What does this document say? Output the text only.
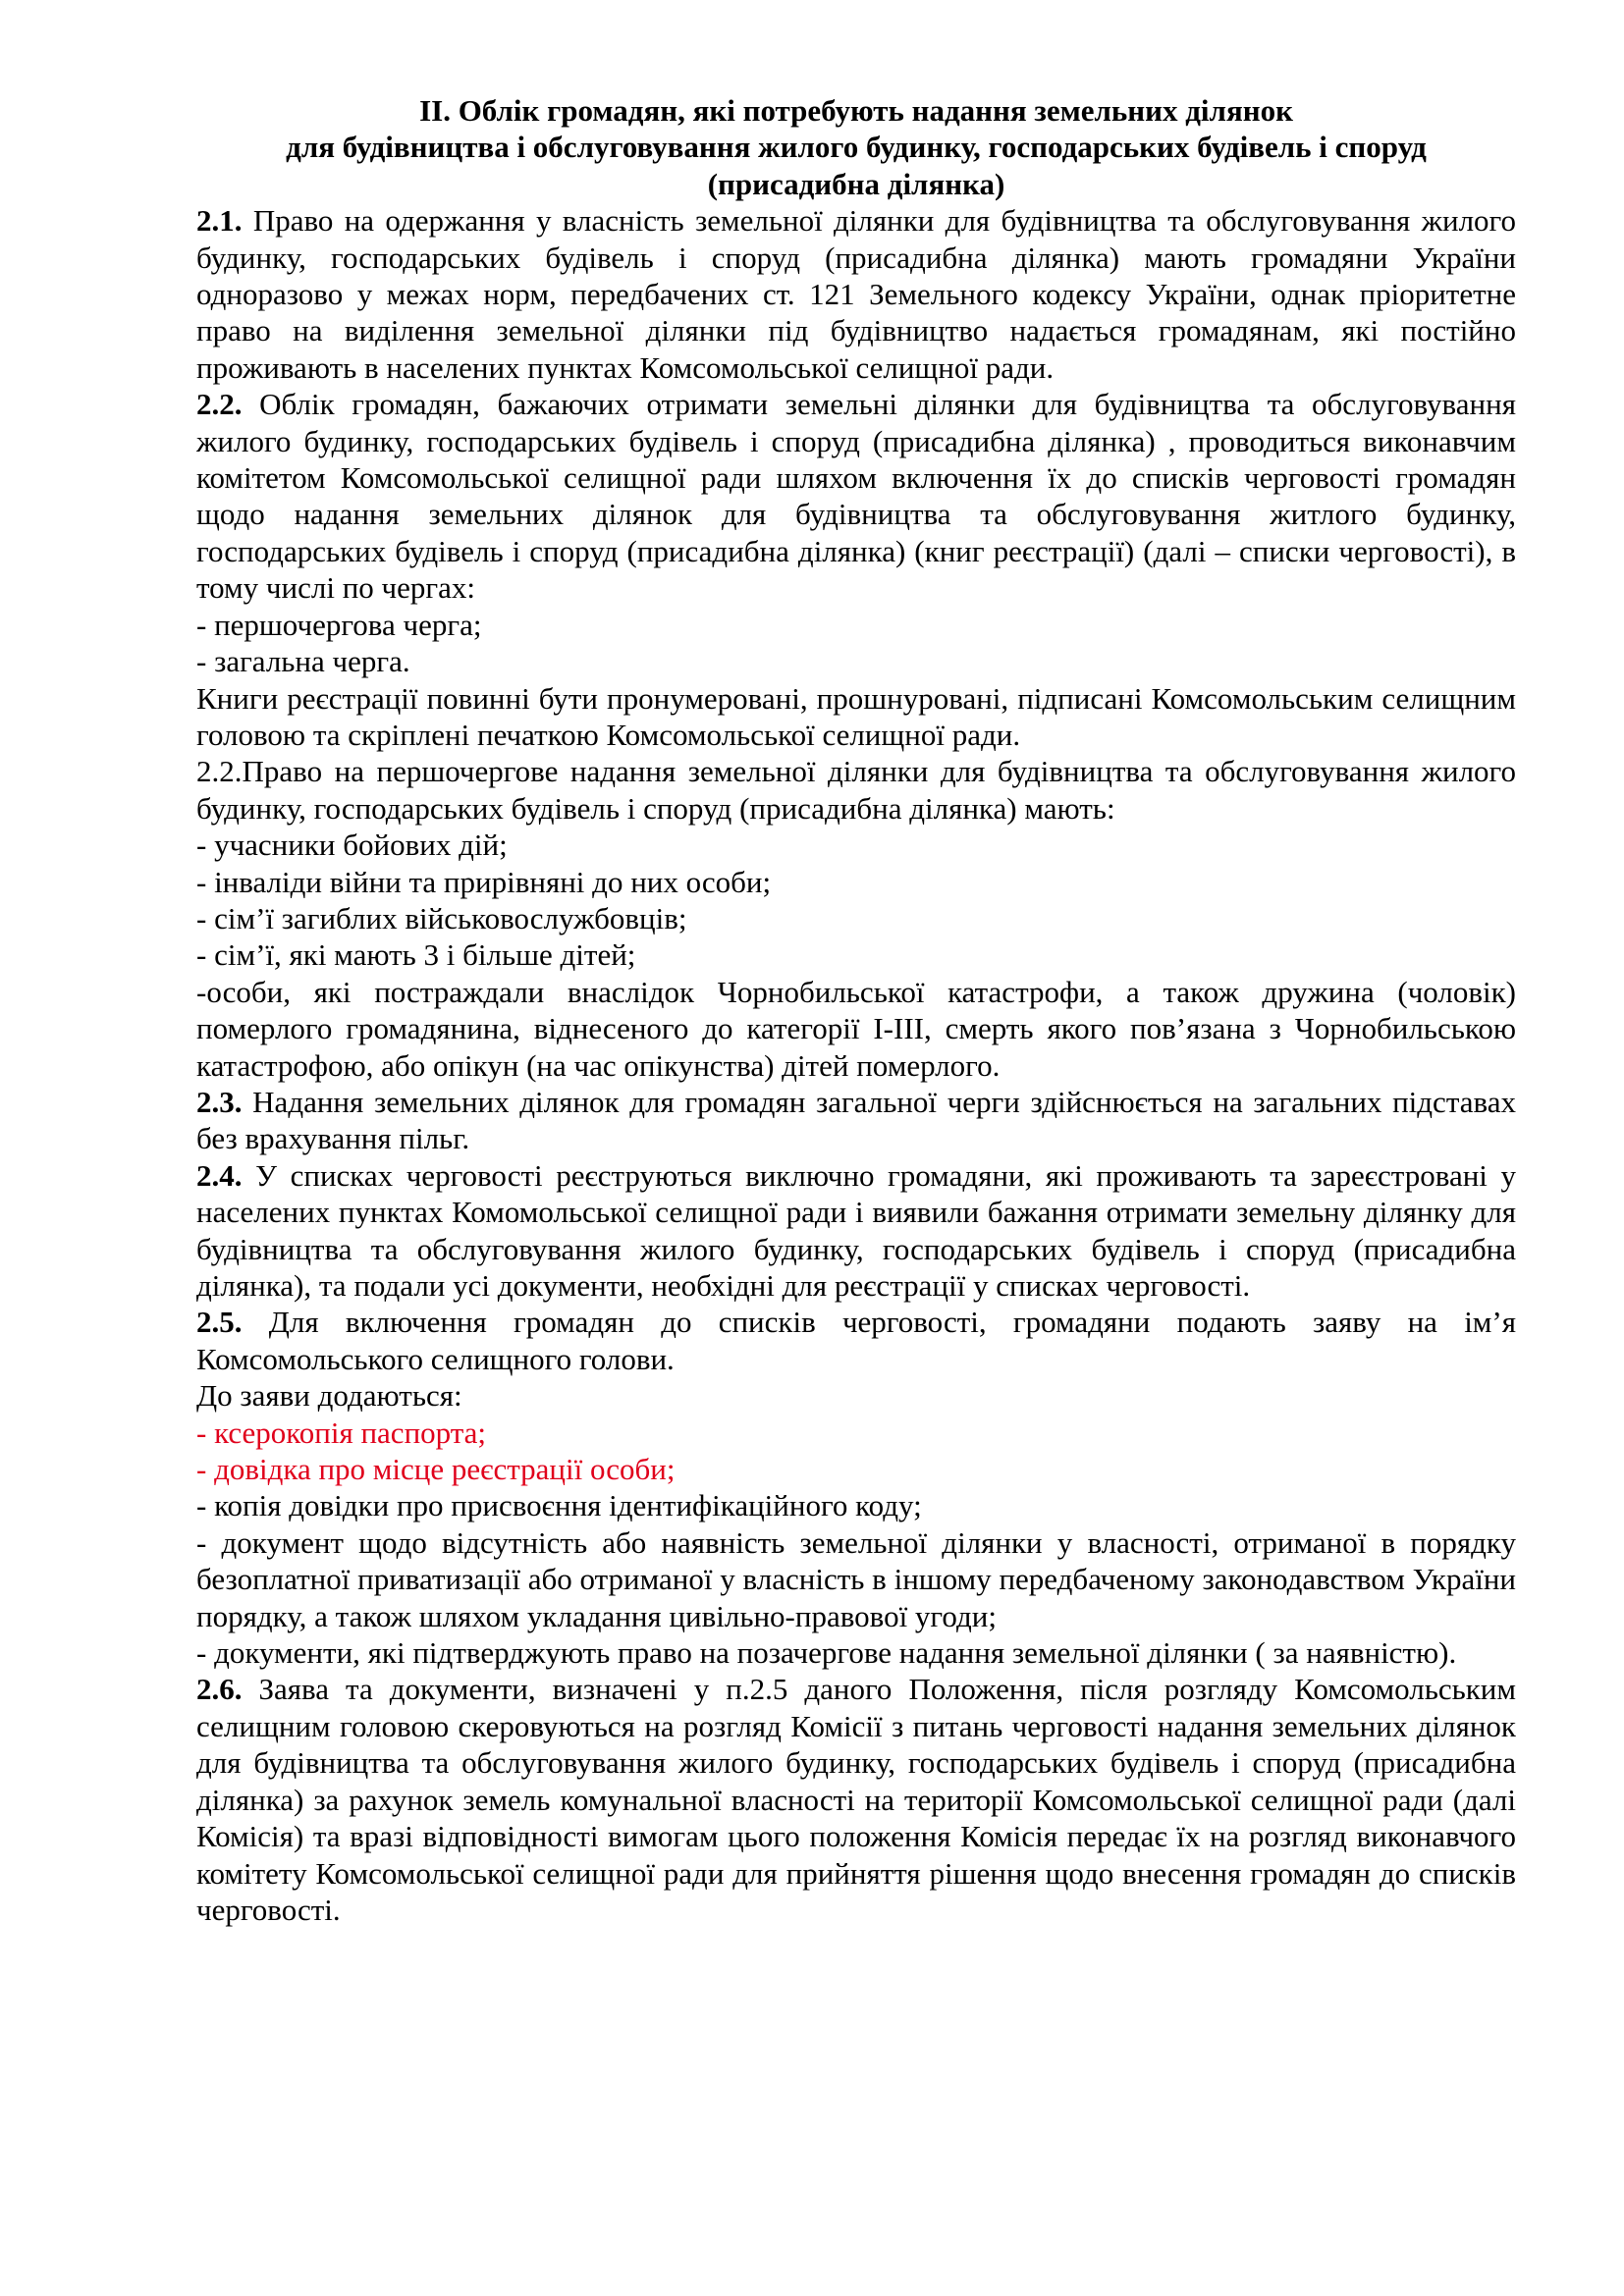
ІІ. Облік громадян, які потребують надання земельних ділянок
для будівництва і обслуговування жилого будинку, господарських будівель і споруд
(присадибна ділянка)

2.1. Право на одержання у власність земельної ділянки для будівництва та обслуговування жилого будинку, господарських будівель і споруд (присадибна ділянка) мають громадяни України одноразово у межах норм, передбачених ст. 121 Земельного кодексу України, однак пріоритетне право на виділення земельної ділянки під будівництво надається громадянам, які постійно проживають в населених пунктах Комсомольської селищної ради.

2.2. Облік громадян, бажаючих отримати земельні ділянки для будівництва та обслуговування жилого будинку, господарських будівель і споруд (присадибна ділянка) , проводиться виконавчим комітетом Комсомольської селищної ради шляхом включення їх до списків черговості громадян щодо надання земельних ділянок для будівництва та обслуговування житлого будинку, господарських будівель і споруд (присадибна ділянка) (книг реєстрації) (далі – списки черговості), в тому числі по чергах:

- першочергова черга;

- загальна черга.

Книги реєстрації повинні бути пронумеровані, прошнуровані, підписані Комсомольським селищним головою та скріплені печаткою Комсомольської селищної ради.

2.2.Право на першочергове надання земельної ділянки для будівництва та обслуговування жилого будинку, господарських будівель і споруд (присадибна ділянка) мають:

- учасники бойових дій;

- інваліди війни та прирівняні до них особи;

- сім’ї загиблих військовослужбовців;

- сім’ї, які мають 3 і більше дітей;

-особи, які постраждали внаслідок Чорнобильської катастрофи, а також дружина (чоловік) померлого громадянина, віднесеного до категорії І-ІІІ, смерть якого пов’язана з Чорнобильською катастрофою, або опікун (на час опікунства) дітей померлого.

2.3. Надання земельних ділянок для громадян загальної черги здійснюється на загальних підставах без врахування пільг.

2.4. У списках черговості реєструються виключно громадяни, які проживають та зареєстровані у населених пунктах Комомольської селищної ради і виявили бажання отримати земельну ділянку для будівництва та обслуговування жилого будинку, господарських будівель і споруд (присадибна ділянка), та подали усі документи, необхідні для реєстрації у списках черговості.

2.5. Для включення громадян до списків черговості, громадяни подають заяву на ім’я Комсомольського селищного голови.

До заяви додаються:

- ксерокопія паспорта;

- довідка про місце реєстрації особи;

- копія довідки про присвоєння ідентифікаційного коду;

- документ щодо відсутність або наявність земельної ділянки у власності, отриманої в порядку безоплатної приватизації або отриманої у власність в іншому передбаченому законодавством України порядку, а також шляхом укладання цивільно-правової угоди;

- документи, які підтверджують право на позачергове надання земельної ділянки ( за наявністю).

2.6. Заява та документи, визначені у п.2.5 даного Положення, після розгляду Комсомольським селищним головою скеровуються на розгляд Комісії з питань черговості надання земельних ділянок для будівництва та обслуговування жилого будинку, господарських будівель і споруд (присадибна ділянка) за рахунок земель комунальної власності на території Комсомольської селищної ради (далі Комісія) та вразі відповідності вимогам цього положення Комісія передає їх на розгляд виконавчого комітету Комсомольської селищної ради для прийняття рішення щодо внесення громадян до списків черговості.
